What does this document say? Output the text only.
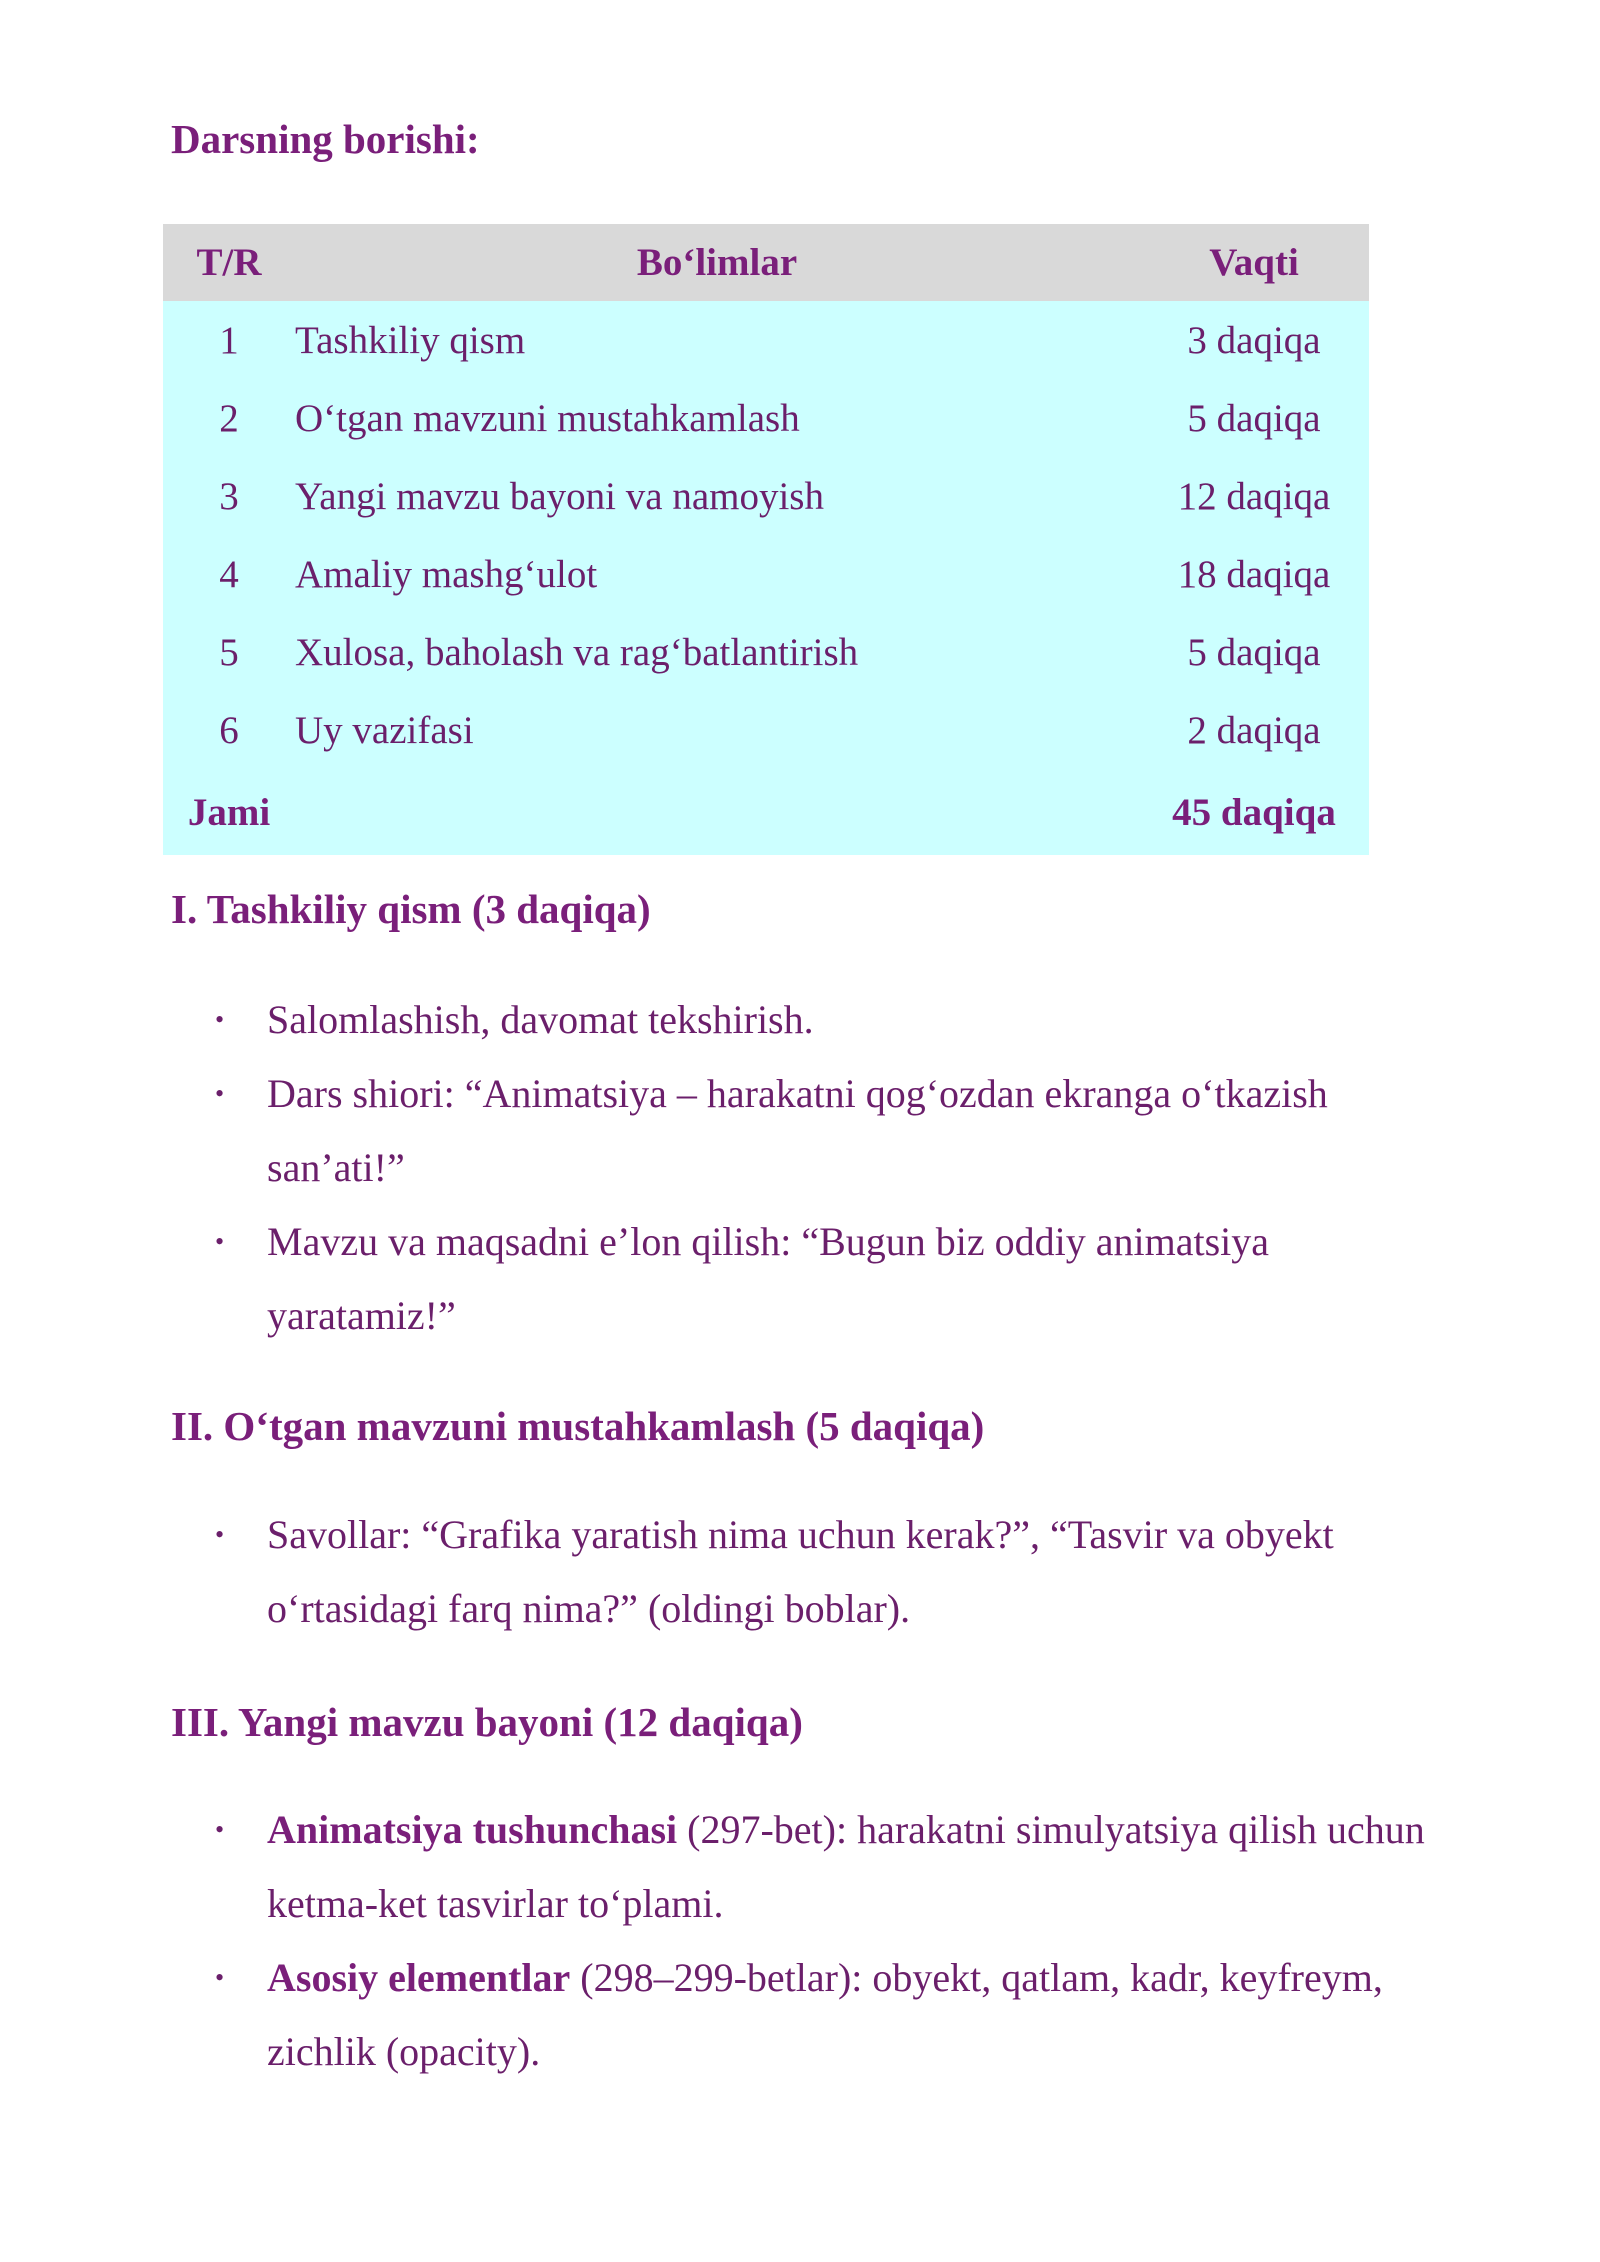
Darsning borishi:
T/R	Bo‘limlar	Vaqti
1	Tashkiliy qism	3 daqiqa
2	O‘tgan mavzuni mustahkamlash	5 daqiqa
3	Yangi mavzu bayoni va namoyish	12 daqiqa
4	Amaliy mashg‘ulot	18 daqiqa
5	Xulosa, baholash va rag‘batlantirish	5 daqiqa
6	Uy vazifasi	2 daqiqa
Jami		45 daqiqa
I. Tashkiliy qism (3 daqiqa)
• Salomlashish, davomat tekshirish.
• Dars shiori: “Animatsiya – harakatni qog‘ozdan ekranga o‘tkazish san’ati!”
• Mavzu va maqsadni e’lon qilish: “Bugun biz oddiy animatsiya yaratamiz!”
II. O‘tgan mavzuni mustahkamlash (5 daqiqa)
• Savollar: “Grafika yaratish nima uchun kerak?”, “Tasvir va obyekt o‘rtasidagi farq nima?” (oldingi boblar).
III. Yangi mavzu bayoni (12 daqiqa)
• Animatsiya tushunchasi (297-bet): harakatni simulyatsiya qilish uchun ketma-ket tasvirlar to‘plami.
• Asosiy elementlar (298–299-betlar): obyekt, qatlam, kadr, keyfreym, zichlik (opacity).
